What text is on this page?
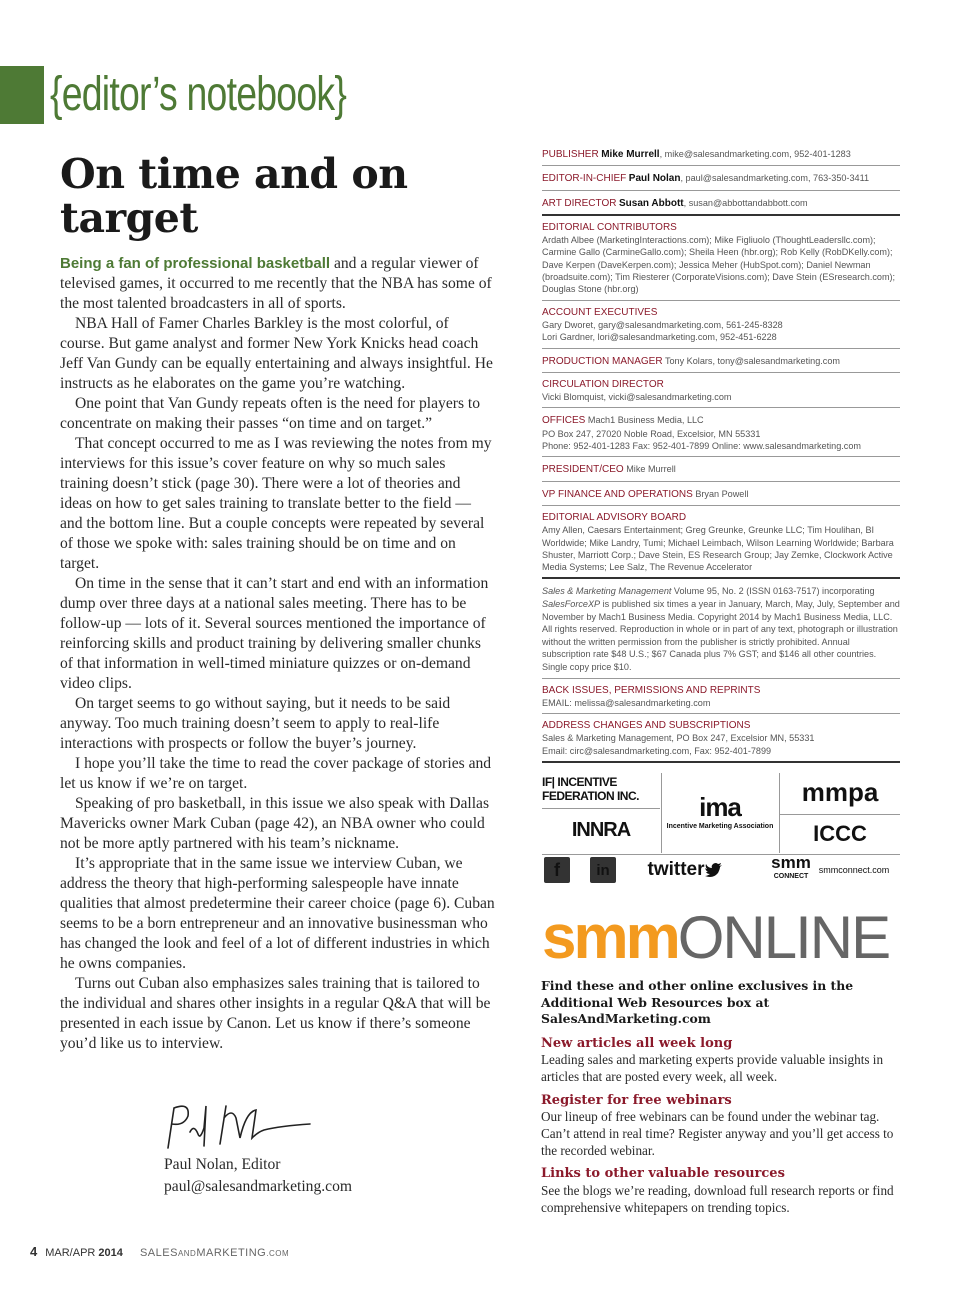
{editor’s notebook}
On time and on target

Being a fan of professional basketball and a regular viewer of televised games, it occurred to me recently that the NBA has some of the most talented broadcasters in all of sports.

NBA Hall of Famer Charles Barkley is the most colorful, of course. But game analyst and former New York Knicks head coach Jeff Van Gundy can be equally entertaining and always insightful. He instructs as he elaborates on the game you’re watching.

One point that Van Gundy repeats often is the need for players to concentrate on making their passes “on time and on target.”

That concept occurred to me as I was reviewing the notes from my interviews for this issue’s cover feature on why so much sales training doesn’t stick (page 30). There were a lot of theories and ideas on how to get sales training to translate better to the field — and the bottom line. But a couple concepts were repeated by several of those we spoke with: sales training should be on time and on target.

On time in the sense that it can’t start and end with an information dump over three days at a national sales meeting. There has to be follow-up — lots of it. Several sources mentioned the importance of reinforcing skills and product training by delivering smaller chunks of that information in well-timed miniature quizzes or on-demand video clips.

On target seems to go without saying, but it needs to be said anyway. Too much training doesn’t seem to apply to real-life interactions with prospects or follow the buyer’s journey.

I hope you’ll take the time to read the cover package of stories and let us know if we’re on target.

Speaking of pro basketball, in this issue we also speak with Dallas Mavericks owner Mark Cuban (page 42), an NBA owner who could not be more aptly partnered with his team’s nickname.

It’s appropriate that in the same issue we interview Cuban, we address the theory that high-performing salespeople have innate qualities that almost predetermine their career choice (page 6). Cuban seems to be a born entrepreneur and an innovative businessman who has changed the look and feel of a lot of different industries in which he owns companies.

Turns out Cuban also emphasizes sales training that is tailored to the individual and shares other insights in a regular Q&A that will be presented in each issue by Canon. Let us know if there’s someone you’d like us to interview.

Paul Nolan, Editor
paul@salesandmarketing.com
4 MAR/APR 2014 SALESANDMARKETING.COM
PUBLISHER Mike Murrell, mike@salesandmarketing.com, 952-401-1283
EDITOR-IN-CHIEF Paul Nolan, paul@salesandmarketing.com, 763-350-3411
ART DIRECTOR Susan Abbott, susan@abbottandabbott.com
EDITORIAL CONTRIBUTORS
Ardath Albee (MarketingInteractions.com); Mike Figliuolo (ThoughtLeadersllc.com); Carmine Gallo (CarmineGallo.com); Sheila Heen (hbr.org); Rob Kelly (RobDKelly.com); Dave Kerpen (DaveKerpen.com); Jessica Meher (HubSpot.com); Daniel Newman (broadsuite.com); Tim Riesterer (CorporateVisions.com); Dave Stein (ESresearch.com); Douglas Stone (hbr.org)
ACCOUNT EXECUTIVES
Gary Dworet, gary@salesandmarketing.com, 561-245-8328
Lori Gardner, lori@salesandmarketing.com, 952-451-6228
PRODUCTION MANAGER Tony Kolars, tony@salesandmarketing.com
CIRCULATION DIRECTOR
Vicki Blomquist, vicki@salesandmarketing.com
OFFICES Mach1 Business Media, LLC
PO Box 247, 27020 Noble Road, Excelsior, MN 55331
Phone: 952-401-1283 Fax: 952-401-7899 Online: www.salesandmarketing.com
PRESIDENT/CEO Mike Murrell
VP FINANCE AND OPERATIONS Bryan Powell
EDITORIAL ADVISORY BOARD
Amy Allen, Caesars Entertainment; Greg Greunke, Greunke LLC; Tim Houlihan, BI Worldwide; Mike Landry, Tumi; Michael Leimbach, Wilson Learning Worldwide; Barbara Shuster, Marriott Corp.; Dave Stein, ES Research Group; Jay Zemke, Clockwork Active Media Systems; Lee Salz, The Revenue Accelerator
Sales & Marketing Management Volume 95, No. 2 (ISSN 0163-7517) incorporating SalesForceXP is published six times a year in January, March, May, July, September and November by Mach1 Business Media. Copyright 2014 by Mach1 Business Media, LLC. All rights reserved. Reproduction in whole or in part of any text, photograph or illustration without the written permission from the publisher is strictly prohibited. Annual subscription rate $48 U.S.; $67 Canada plus 7% GST; and $146 all other countries. Single copy price $10.
BACK ISSUES, PERMISSIONS AND REPRINTS
EMAIL: melissa@salesandmarketing.com
ADDRESS CHANGES AND SUBSCRIPTIONS
Sales & Marketing Management, PO Box 247, Excelsior MN, 55331
Email: circ@salesandmarketing.com, Fax: 952-401-7899
IF| INCENTIVE FEDERATION INC.	ima
Incentive Marketing Association
mmpa
INNRA	ICCC
f	in	twitter	smm
CONNECT
smmconnect.com
smmONLINE
Find these and other online exclusives in the Additional Web Resources box at SalesAndMarketing.com
New articles all week long
Leading sales and marketing experts provide valuable insights in articles that are posted every week, all week.
Register for free webinars
Our lineup of free webinars can be found under the webinar tag. Can’t attend in real time? Register anyway and you’ll get access to the recorded webinar.
Links to other valuable resources
See the blogs we’re reading, download full research reports or find comprehensive whitepapers on trending topics.
